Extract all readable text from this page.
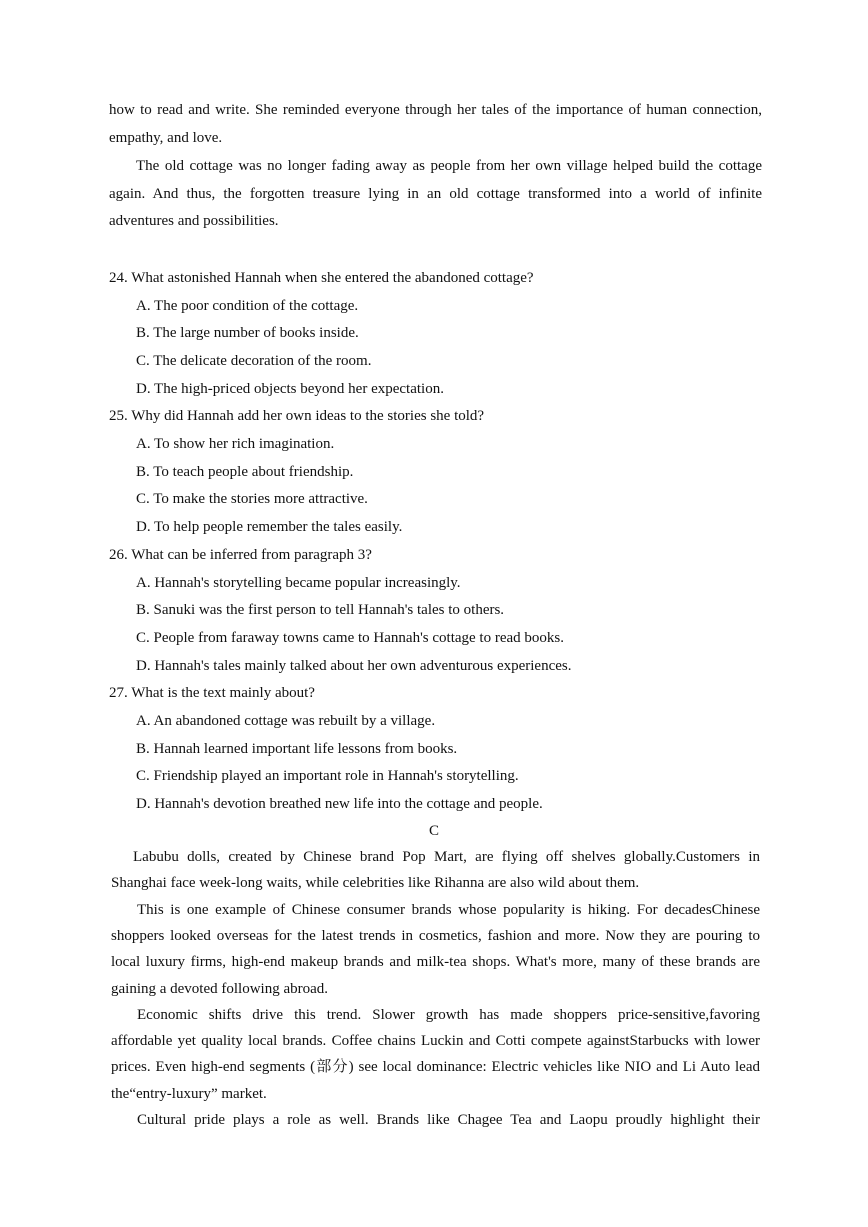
how to read and write. She reminded everyone through her tales of the importance of human connection,
empathy, and love.
The old cottage was no longer fading away as people from her own village helped build the cottage
again. And thus, the forgotten treasure lying in an old cottage transformed into a world of infinite
adventures and possibilities.
24. What astonished Hannah when she entered the abandoned cottage?
A. The poor condition of the cottage.
B. The large number of books inside.
C. The delicate decoration of the room.
D. The high-priced objects beyond her expectation.
25. Why did Hannah add her own ideas to the stories she told?
A. To show her rich imagination.
B. To teach people about friendship.
C. To make the stories more attractive.
D. To help people remember the tales easily.
26. What can be inferred from paragraph 3?
A. Hannah's storytelling became popular increasingly.
B. Sanuki was the first person to tell Hannah's tales to others.
C. People from faraway towns came to Hannah's cottage to read books.
D. Hannah's tales mainly talked about her own adventurous experiences.
27. What is the text mainly about?
A. An abandoned cottage was rebuilt by a village.
B. Hannah learned important life lessons from books.
C. Friendship played an important role in Hannah's storytelling.
D. Hannah's devotion breathed new life into the cottage and people.
C
Labubu dolls, created by Chinese brand Pop Mart, are flying off shelves globally.Customers in
Shanghai face week-long waits, while celebrities like Rihanna are also wild about them.
This is one example of Chinese consumer brands whose popularity is hiking. For decadesChinese
shoppers looked overseas for the latest trends in cosmetics, fashion and more. Now they are pouring to
local luxury firms, high-end makeup brands and milk-tea shops. What's more, many of these brands are
gaining a devoted following abroad.
Economic shifts drive this trend. Slower growth has made shoppers price-sensitive,favoring
affordable yet quality local brands. Coffee chains Luckin and Cotti compete againstStarbucks with lower
prices. Even high-end segments (部分) see local dominance: Electric vehicles like NIO and Li Auto lead
the“entry-luxury” market.
Cultural pride plays a role as well. Brands like Chagee Tea and Laopu proudly highlight their
